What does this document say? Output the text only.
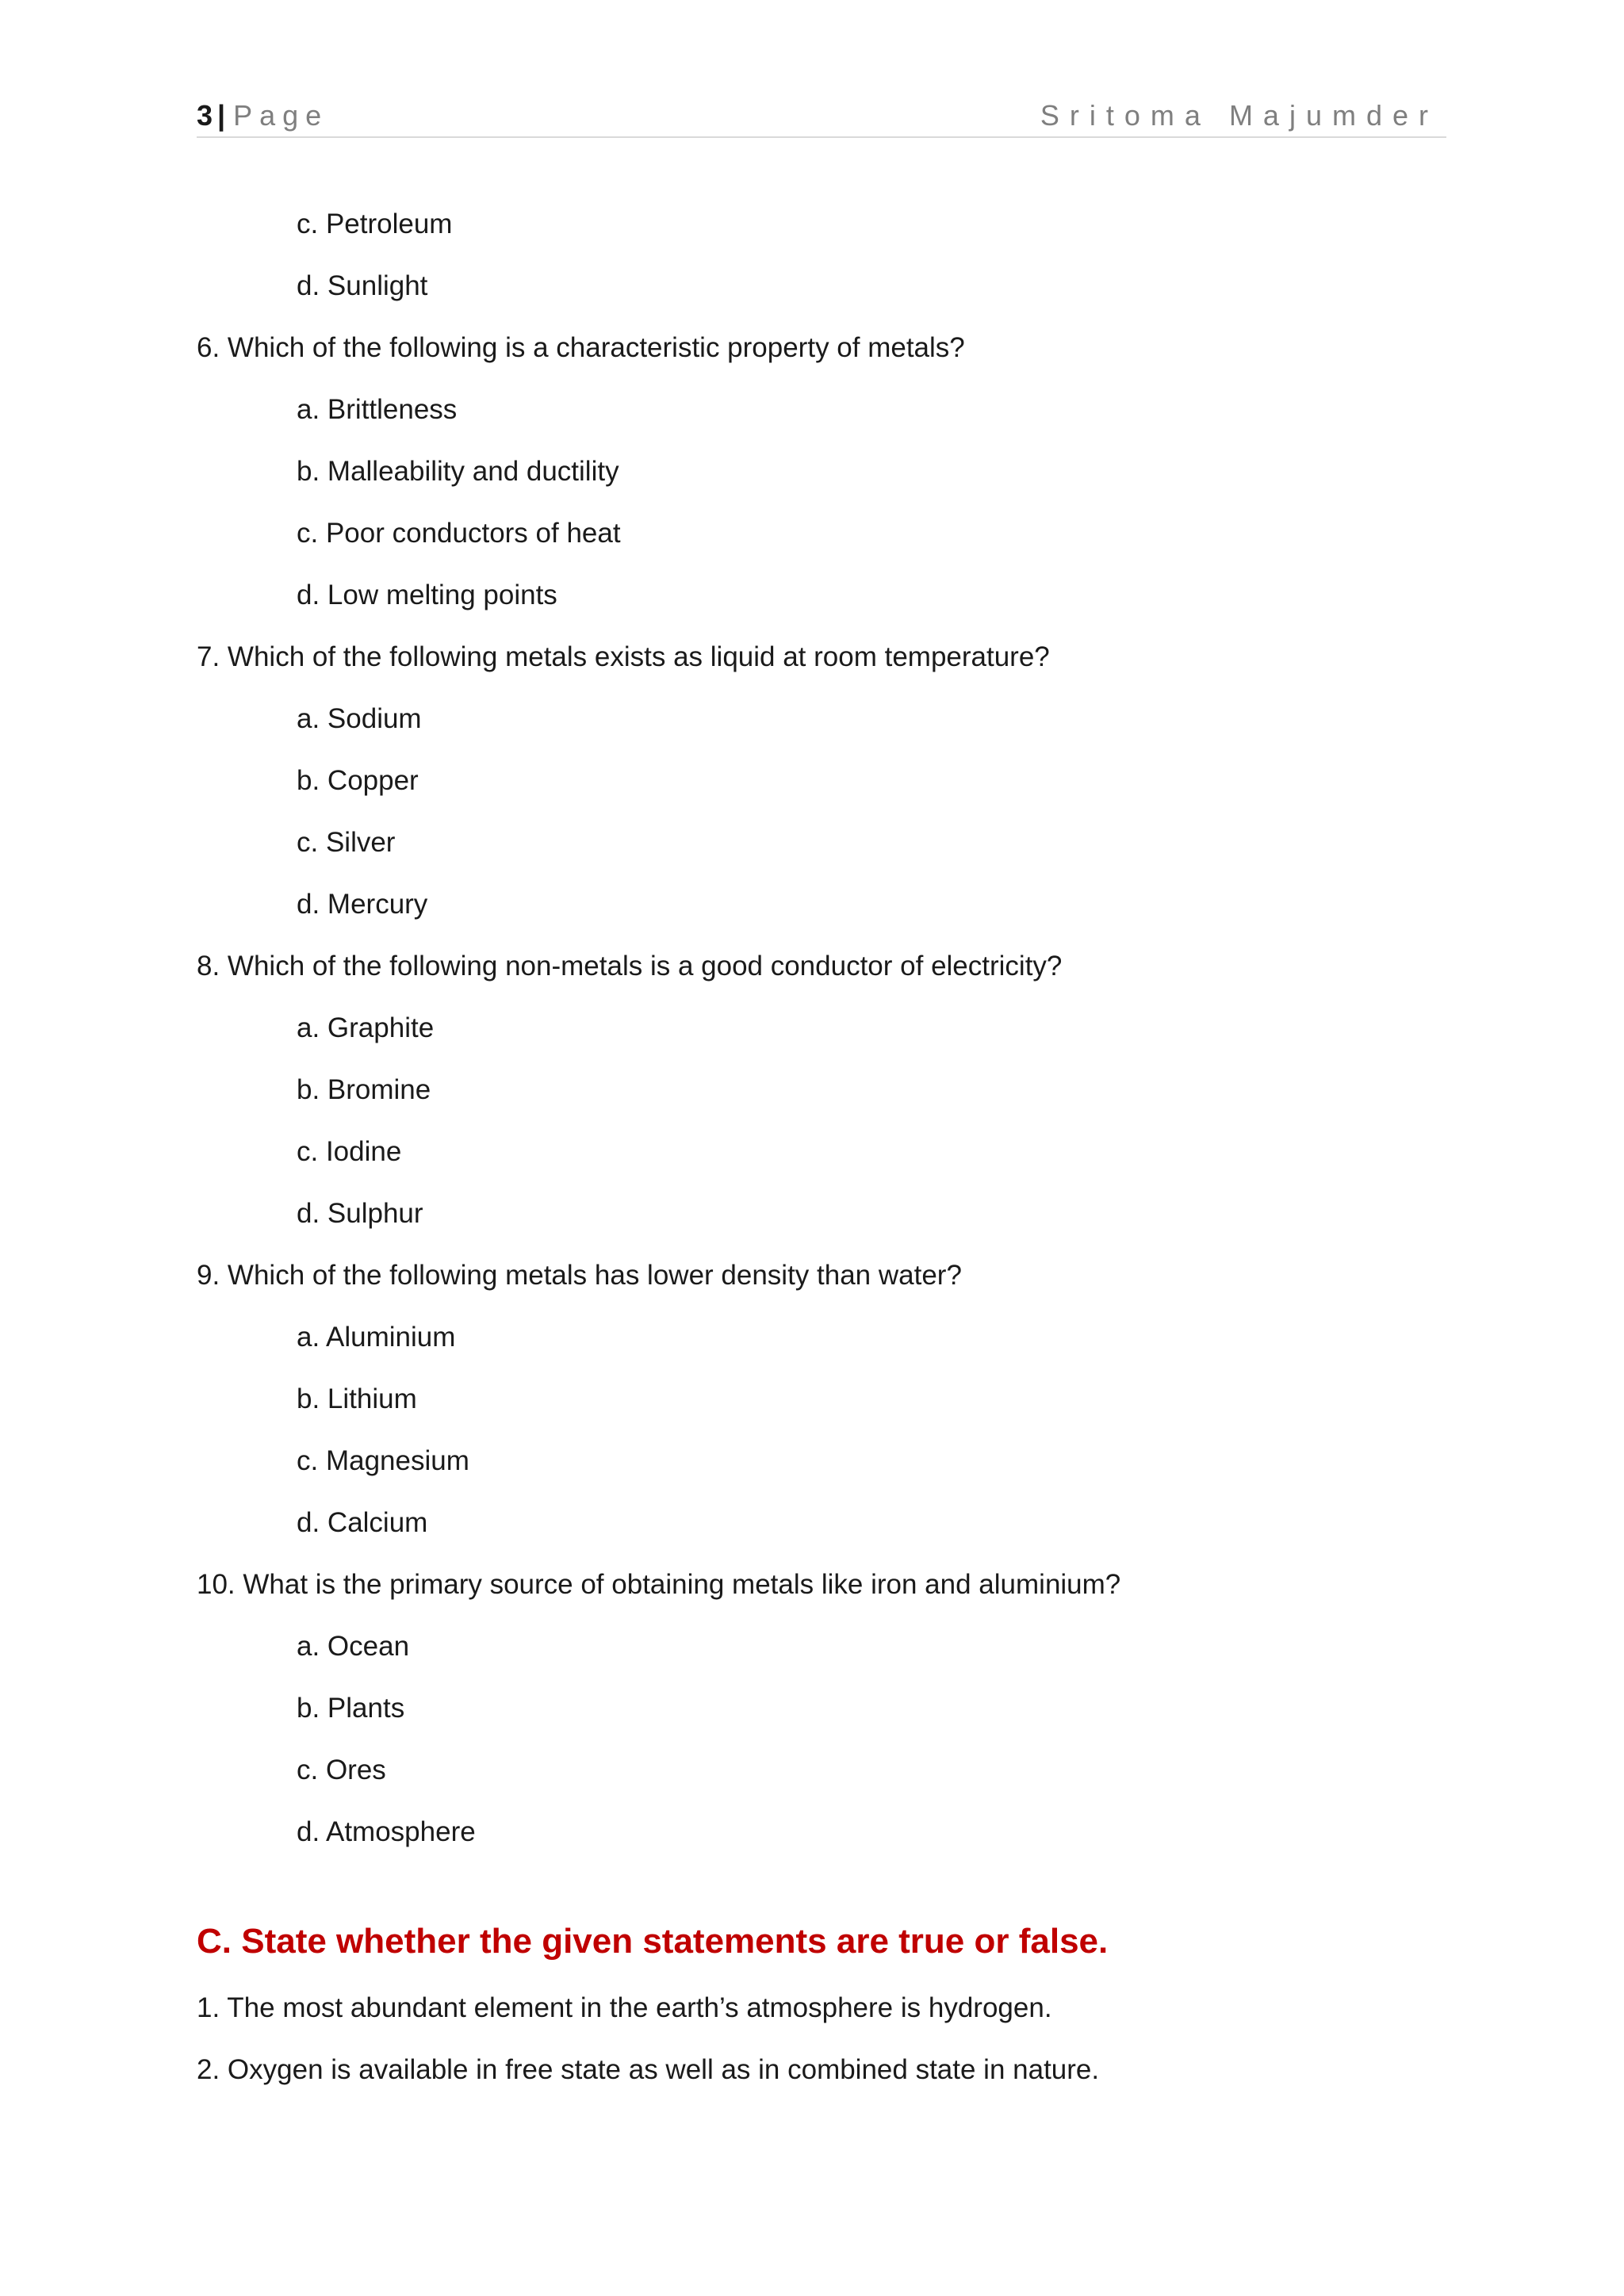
3 | Page	Sritoma Majumder
c. Petroleum
d. Sunlight
6. Which of the following is a characteristic property of metals?
a. Brittleness
b. Malleability and ductility
c. Poor conductors of heat
d. Low melting points
7. Which of the following metals exists as liquid at room temperature?
a. Sodium
b. Copper
c. Silver
d. Mercury
8. Which of the following non-metals is a good conductor of electricity?
a. Graphite
b. Bromine
c. Iodine
d. Sulphur
9. Which of the following metals has lower density than water?
a. Aluminium
b. Lithium
c. Magnesium
d. Calcium
10. What is the primary source of obtaining metals like iron and aluminium?
a. Ocean
b. Plants
c. Ores
d. Atmosphere
C. State whether the given statements are true or false.
1. The most abundant element in the earth’s atmosphere is hydrogen.
2. Oxygen is available in free state as well as in combined state in nature.
